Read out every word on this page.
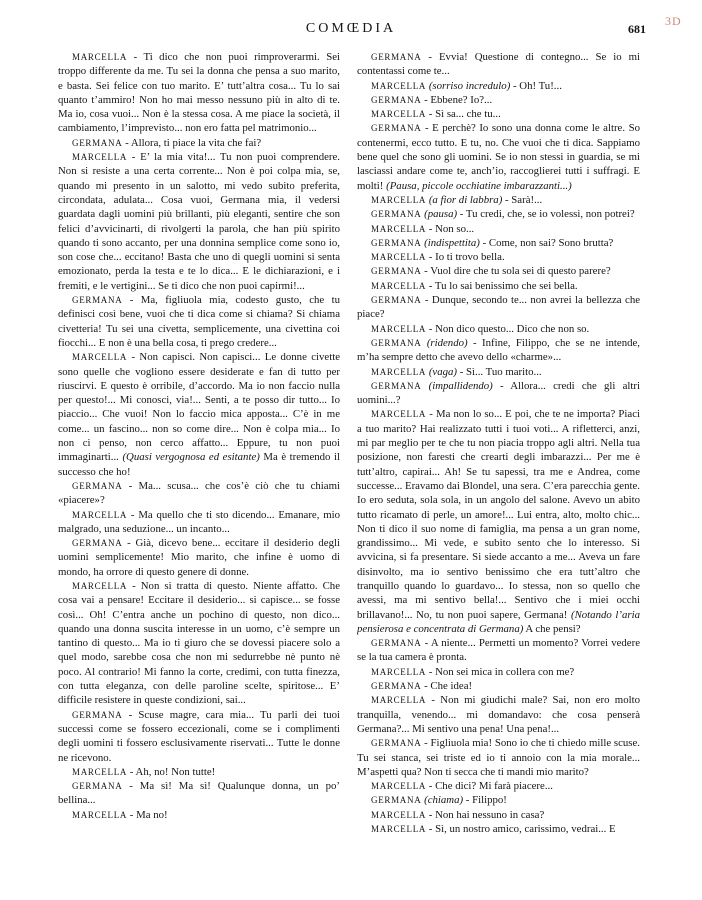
COMŒDIA	681
3D

MARCELLA - Ti dico che non puoi rimproverarmi. Sei troppo differente da me. Tu sei la donna che pensa a suo marito, e basta. Sei felice con tuo marito. E’ tutt’altra cosa... Tu lo sai quanto t’ammiro! Non ho mai messo nessuno più in alto di te. Ma io, cosa vuoi... Non è la stessa cosa. A me piace la società, il cambiamento, l’imprevisto... non ero fatta pel matrimonio...

GERMANA - Allora, ti piace la vita che fai?

MARCELLA - E’ la mia vita!... Tu non puoi comprendere. Non si resiste a una certa corrente... Non è poi colpa mia, se, quando mi presento in un salotto, mi vedo subito preferita, circondata, adulata... Cosa vuoi, Germana mia, il vedersi guardata dagli uomini più brillanti, più eleganti, sentire che son felici d’avvicinarti, di rivolgerti la parola, che han più spirito quando ti sono accanto, per una donnina semplice come sono io, son cose che... eccitano! Basta che uno di quegli uomini si senta emozionato, perda la testa e te lo dica... E le dichiarazioni, e i fremiti, e le vertigini... Se ti dico che non puoi capirmi!...

GERMANA - Ma, figliuola mia, codesto gusto, che tu definisci così bene, vuoi che ti dica come si chiama? Si chiama civetteria! Tu sei una civetta, semplicemente, una civettina coi fiocchi... E non è una bella cosa, ti prego credere...

MARCELLA - Non capisci. Non capisci... Le donne civette sono quelle che vogliono essere desiderate e fan di tutto per riuscirvi. E questo è orribile, d’accordo. Ma io non faccio nulla per questo!... Mi conosci, via!... Senti, a te posso dir tutto... Io piaccio... Che vuoi! Non lo faccio mica apposta... C’è in me come... un fascino... non so come dire... Non è colpa mia... Io non ci penso, non cerco affatto... Eppure, tu non puoi immaginarti... (Quasi vergognosa ed esitante) Ma è tremendo il successo che ho!

GERMANA - Ma... scusa... che cos’è ciò che tu chiami «piacere»?

MARCELLA - Ma quello che ti sto dicendo... Emanare, mio malgrado, una seduzione... un incanto...

GERMANA - Già, dicevo bene... eccitare il desiderio degli uomini semplicemente! Mio marito, che infine è uomo di mondo, ha orrore di questo genere di donne.

MARCELLA - Non si tratta di questo. Niente affatto. Che cosa vai a pensare! Eccitare il desiderio... si capisce... se fosse così... Oh! C’entra anche un pochino di questo, non dico... quando una donna suscita interesse in un uomo, c’è sempre un tantino di questo... Ma io ti giuro che se dovessi piacere solo a quel modo, sarebbe cosa che non mi sedurrebbe nè punto nè poco. Al contrario! Mi fanno la corte, credimi, con tutta finezza, con tutta eleganza, con delle paroline scelte, spiritose... E’ difficile resistere in queste condizioni, sai...

GERMANA - Scuse magre, cara mia... Tu parli dei tuoi successi come se fossero eccezionali, come se i complimenti degli uomini ti fossero esclusivamente riservati... Tutte le donne ne ricevono.

MARCELLA - Ah, no! Non tutte!

GERMANA - Ma sì! Ma sì! Qualunque donna, un po’ bellina...

MARCELLA - Ma no!

GERMANA - Evvia! Questione di contegno... Se io mi contentassi come te...

MARCELLA (sorriso incredulo) - Oh! Tu!...

GERMANA - Ebbene? Io?...

MARCELLA - Sì sa... che tu...

GERMANA - E perchè? Io sono una donna come le altre. So contenermi, ecco tutto. E tu, no. Che vuoi che ti dica. Sappiamo bene quel che sono gli uomini. Se io non stessi in guardia, se mi lasciassi andare come te, anch’io, raccoglierei tutti i suffragi. E molti! (Pausa, piccole occhiatine imbarazzanti...)

MARCELLA (a fior di labbra) - Sarà!...

GERMANA (pausa) - Tu credi, che, se io volessi, non potrei?

MARCELLA - Non so...

GERMANA (indispettita) - Come, non sai? Sono brutta?

MARCELLA - Io ti trovo bella.

GERMANA - Vuol dire che tu sola sei di questo parere?

MARCELLA - Tu lo sai benissimo che sei bella.

GERMANA - Dunque, secondo te... non avrei la bellezza che piace?

MARCELLA - Non dico questo... Dico che non so.

GERMANA (ridendo) - Infine, Filippo, che se ne intende, m’ha sempre detto che avevo dello «charme»...

MARCELLA (vaga) - Sì... Tuo marito...

GERMANA (impallidendo) - Allora... credi che gli altri uomini...?

MARCELLA - Ma non lo so... E poi, che te ne importa? Piaci a tuo marito? Hai realizzato tutti i tuoi voti... A rifletterci, anzi, mi par meglio per te che tu non piacia troppo agli altri. Nella tua posizione, non faresti che crearti degli imbarazzi... Per me è tutt’altro, capirai... Ah! Se tu sapessi, tra me e Andrea, come successe... Eravamo dai Blondel, una sera. C’era parecchia gente. Io ero seduta, sola sola, in un angolo del salone. Avevo un abito tutto ricamato di perle, un amore!... Lui entra, alto, molto chic... Non ti dico il suo nome di famiglia, ma pensa a un gran nome, grandissimo... Mi vede, e subito sento che lo interesso. Si avvicina, si fa presentare. Si siede accanto a me... Aveva un fare disinvolto, ma io sentivo benissimo che era tutt’altro che tranquillo quando lo guardavo... Io stessa, non so quello che avessi, ma mi sentivo bella!... Sentivo che i miei occhi brillavano!... No, tu non puoi sapere, Germana! (Notando l’aria pensierosa e concentrata di Germana) A che pensi?

GERMANA - A niente... Permetti un momento? Vorrei vedere se la tua camera è pronta.

MARCELLA - Non sei mica in collera con me?

GERMANA - Che idea!

MARCELLA - Non mi giudichi male? Sai, non ero molto tranquilla, venendo... mi domandavo: che cosa penserà Germana?... Mi sentivo una pena! Una pena!...

GERMANA - Figliuola mia! Sono io che ti chiedo mille scuse. Tu sei stanca, sei triste ed io ti annoio con la mia morale... M’aspetti qua? Non ti secca che ti mandi mio marito?

MARCELLA - Che dici? Mi farà piacere...

GERMANA (chiama) - Filippo!

MARCELLA - Non hai nessuno in casa?

MARCELLA - Sì, un nostro amico, carissimo, vedrai... E
